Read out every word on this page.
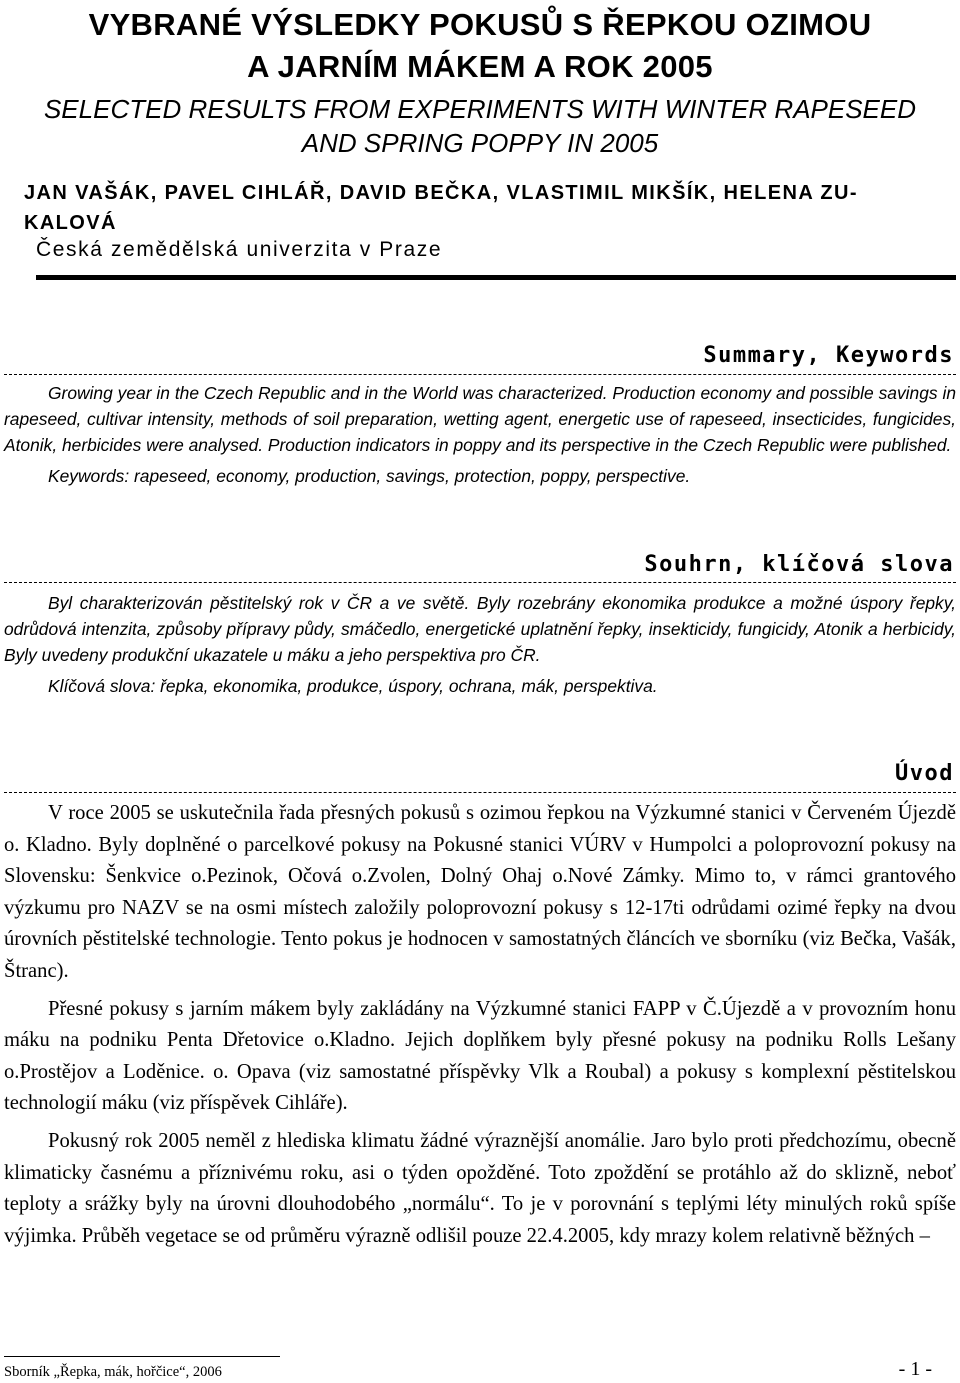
VYBRANÉ VÝSLEDKY POKUSŮ S ŘEPKOU OZIMOU
A JARNÍM MÁKEM A ROK 2005
SELECTED RESULTS FROM EXPERIMENTS WITH WINTER RAPESEED
AND SPRING POPPY IN 2005
JAN VAŠÁK, PAVEL CIHLÁŘ, DAVID BEČKA, VLASTIMIL MIKŠÍK, HELENA ZU-
KALOVÁ
Česká zemědělská univerzita v Praze
Summary, Keywords

Growing year in the Czech Republic and in the World was characterized. Production economy and possible savings in rapeseed, cultivar intensity, methods of soil preparation, wetting agent, energetic use of rapeseed, insecticides, fungicides, Atonik, herbicides were analysed. Production indicators in poppy and its perspective in the Czech Republic were published.

Keywords: rapeseed, economy, production, savings, protection, poppy, perspective.

Souhrn, klíčová slova

Byl charakterizován pěstitelský rok v ČR a ve světě. Byly rozebrány ekonomika produkce a možné úspory řepky, odrůdová intenzita, způsoby přípravy půdy, smáčedlo, energetické uplatnění řepky, insekticidy, fungicidy, Atonik a herbicidy, Byly uvedeny produkční ukazatele u máku a jeho perspektiva pro ČR.

Klíčová slova: řepka, ekonomika, produkce, úspory, ochrana, mák, perspektiva.

Úvod

V roce 2005 se uskutečnila řada přesných pokusů s ozimou řepkou na Výzkumné stanici v Červeném Újezdě o. Kladno. Byly doplněné o parcelkové pokusy na Pokusné stanici VÚRV v Humpolci a poloprovozní pokusy na Slovensku: Šenkvice o.Pezinok, Očová o.Zvolen, Dolný Ohaj o.Nové Zámky. Mimo to, v rámci grantového výzkumu pro NAZV se na osmi místech založily poloprovozní pokusy s 12-17ti odrůdami ozimé řepky na dvou úrovních pěstitelské technologie. Tento pokus je hodnocen v samostatných článcích ve sborníku (viz Bečka, Vašák, Štranc).

Přesné pokusy s jarním mákem byly zakládány na Výzkumné stanici FAPP v Č.Újezdě a v provozním honu máku na podniku Penta Dřetovice o.Kladno. Jejich doplňkem byly přesné pokusy na podniku Rolls Lešany o.Prostějov a Loděnice. o. Opava (viz samostatné příspěvky Vlk a Roubal) a pokusy s komplexní pěstitelskou technologií máku (viz příspěvek Cihláře).

Pokusný rok 2005 neměl z hlediska klimatu žádné výraznější anomálie. Jaro bylo proti předchozímu, obecně klimaticky časnému a příznivému roku, asi o týden opožděné. Toto zpoždění se protáhlo až do sklizně, neboť teploty a srážky byly na úrovni dlouhodobého „normálu“. To je v porovnání s teplými léty minulých roků spíše výjimka. Průběh vegetace se od průměru výrazně odlišil pouze 22.4.2005, kdy mrazy kolem relativně běžných –

Sborník „Řepka, mák, hořčice“, 2006	- 1 -
